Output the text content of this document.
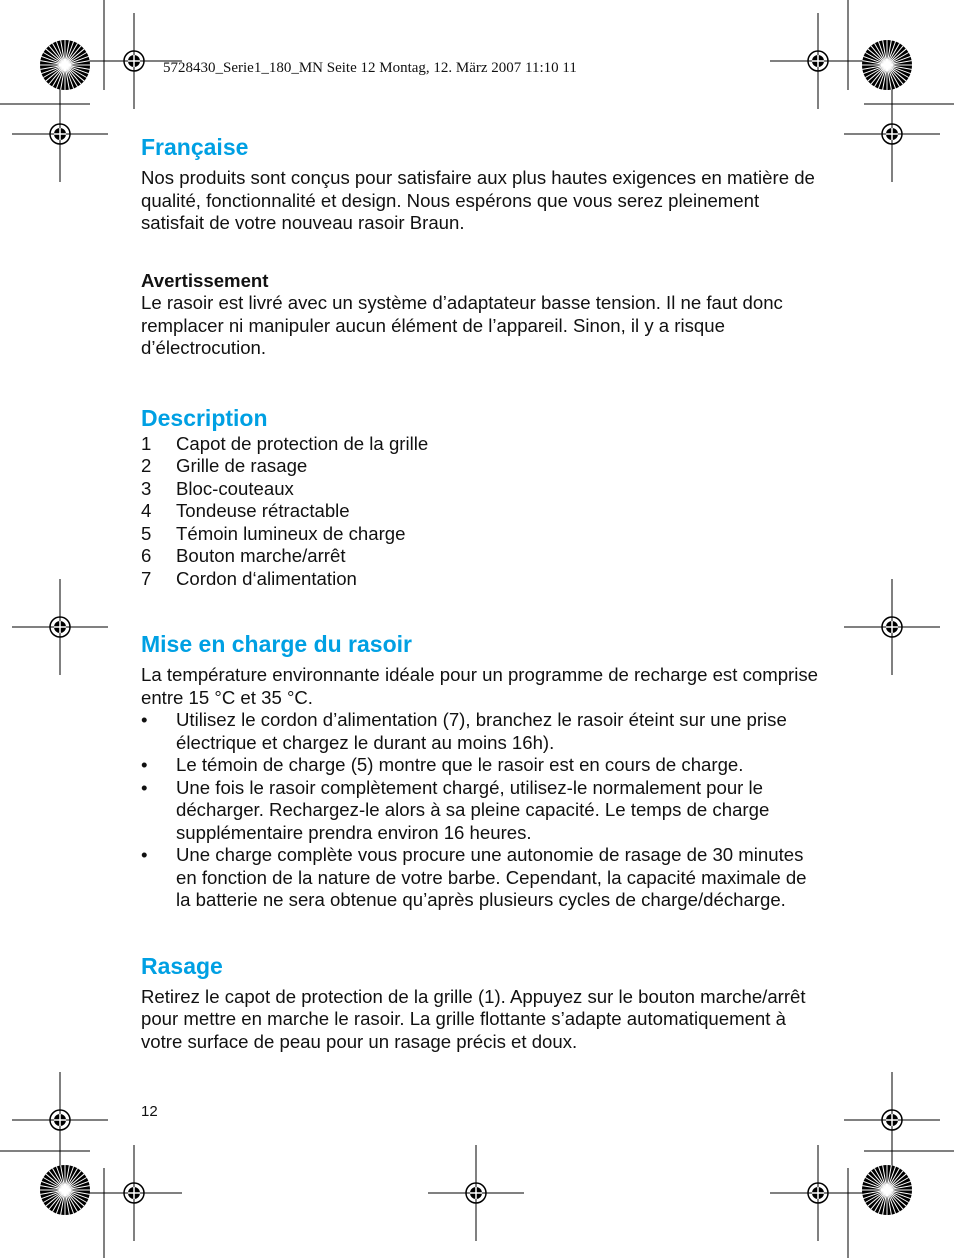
5728430_Serie1_180_MN Seite 12 Montag, 12. März 2007 11:10 11
Française

Nos produits sont conçus pour satisfaire aux plus hautes exigences en matière de qualité, fonctionnalité et design. Nous espérons que vous serez pleinement satisfait de votre nouveau rasoir Braun.

Avertissement

Le rasoir est livré avec un système d’adaptateur basse tension. Il ne faut donc remplacer ni manipuler aucun élément de l’appareil. Sinon, il y a risque d’électrocution.

Description
1	Capot de protection de la grille
2	Grille de rasage
3	Bloc-couteaux
4	Tondeuse rétractable
5	Témoin lumineux de charge
6	Bouton marche/arrêt
7	Cordon d‘alimentation
Mise en charge du rasoir

La température environnante idéale pour un programme de recharge est comprise entre 15 °C et 35 °C.

•	Utilisez le cordon d’alimentation (7), branchez le rasoir éteint sur une prise électrique et chargez le durant au moins 16h).
•	Le témoin de charge (5) montre que le rasoir est en cours de charge.
•	Une fois le rasoir complètement chargé, utilisez-le normalement pour le décharger. Rechargez-le alors à sa pleine capacité. Le temps de charge supplémentaire prendra environ 16 heures.
•	Une charge complète vous procure une autonomie de rasage de 30 minutes en fonction de la nature de votre barbe. Cependant, la capacité maximale de la batterie ne sera obtenue qu’après plusieurs cycles de charge/décharge.
Rasage

Retirez le capot de protection de la grille (1). Appuyez sur le bouton marche/arrêt pour mettre en marche le rasoir. La grille flottante s’adapte automatiquement à votre surface de peau pour un rasage précis et doux.

12
